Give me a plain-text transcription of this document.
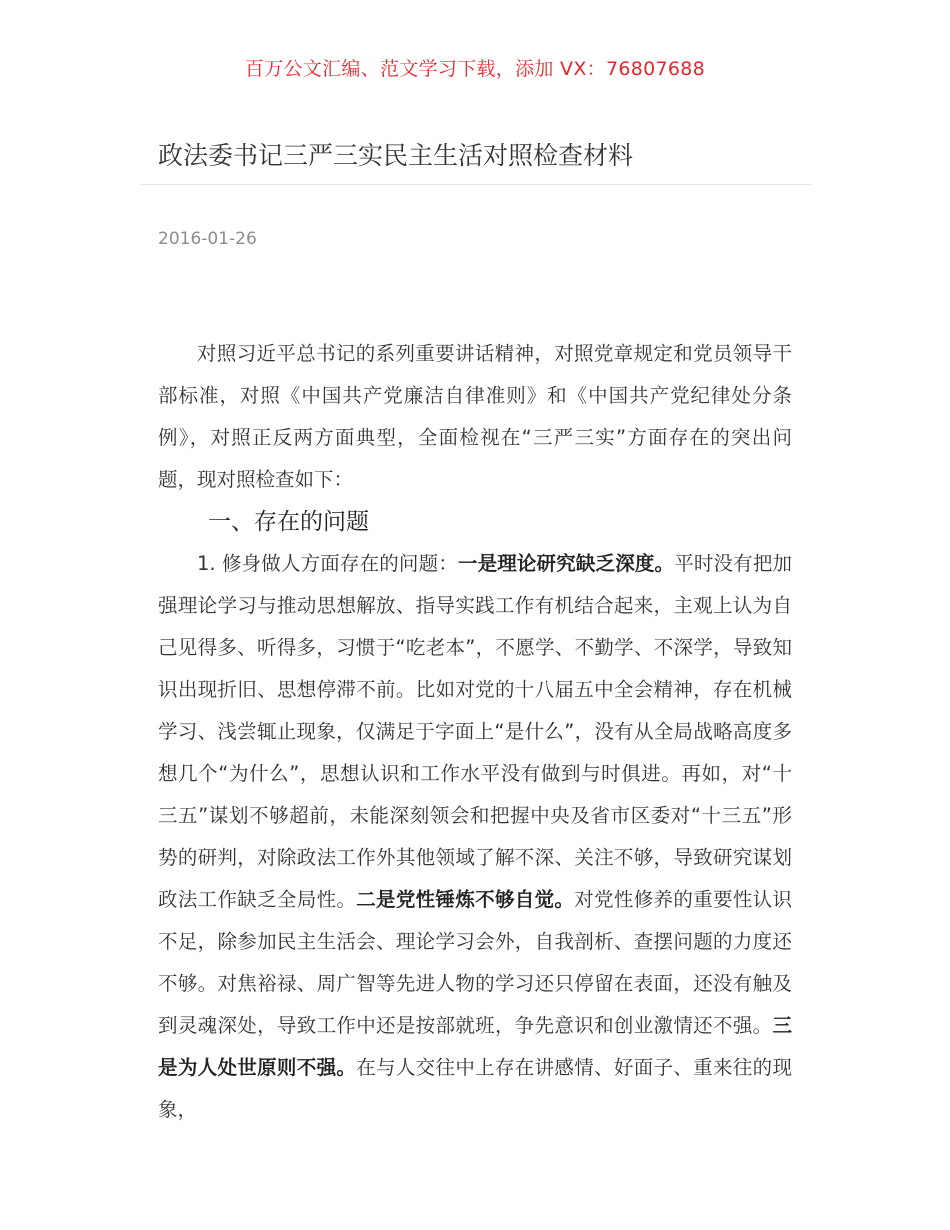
百万公文汇编、范文学习下载，添加 VX：76807688
政法委书记三严三实民主生活对照检查材料
2016-01-26

对照习近平总书记的系列重要讲话精神，对照党章规定和党员领导干部标准，对照《中国共产党廉洁自律准则》和《中国共产党纪律处分条例》，对照正反两方面典型，全面检视在“三严三实”方面存在的突出问题，现对照检查如下：

一、存在的问题

1. 修身做人方面存在的问题：一是理论研究缺乏深度。平时没有把加强理论学习与推动思想解放、指导实践工作有机结合起来，主观上认为自己见得多、听得多，习惯于“吃老本”，不愿学、不勤学、不深学，导致知识出现折旧、思想停滞不前。比如对党的十八届五中全会精神，存在机械学习、浅尝辄止现象，仅满足于字面上“是什么”，没有从全局战略高度多想几个“为什么”，思想认识和工作水平没有做到与时俱进。再如，对“十三五”谋划不够超前，未能深刻领会和把握中央及省市区委对“十三五”形势的研判，对除政法工作外其他领域了解不深、关注不够，导致研究谋划政法工作缺乏全局性。二是党性锤炼不够自觉。对党性修养的重要性认识不足，除参加民主生活会、理论学习会外，自我剖析、查摆问题的力度还不够。对焦裕禄、周广智等先进人物的学习还只停留在表面，还没有触及到灵魂深处，导致工作中还是按部就班，争先意识和创业激情还不强。三是为人处世原则不强。在与人交往中上存在讲感情、好面子、重来往的现象，
